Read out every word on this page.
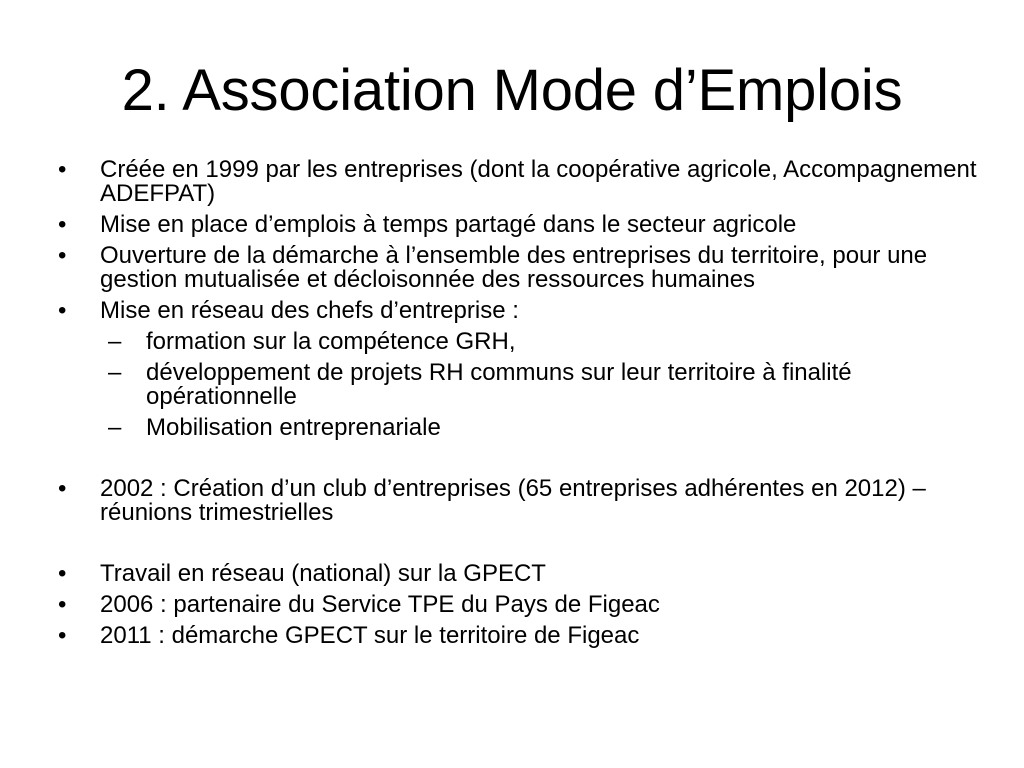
2. Association Mode d’Emplois
•	Créée en 1999 par les entreprises (dont la coopérative agricole, Accompagnement ADEFPAT)
•	Mise en place d’emplois à temps partagé dans le secteur agricole
•	Ouverture de la démarche à l’ensemble des entreprises du territoire, pour une gestion mutualisée et décloisonnée des ressources humaines
•	Mise en réseau des chefs d’entreprise :
–	formation sur la compétence GRH,
–	développement de projets RH communs sur leur territoire à finalité opérationnelle
–	Mobilisation entreprenariale
•	2002 : Création d’un club d’entreprises (65 entreprises adhérentes en 2012) – réunions trimestrielles
•	Travail en réseau (national) sur la GPECT
•	2006 : partenaire du Service TPE du Pays de Figeac
•	2011 : démarche GPECT sur le territoire de Figeac
